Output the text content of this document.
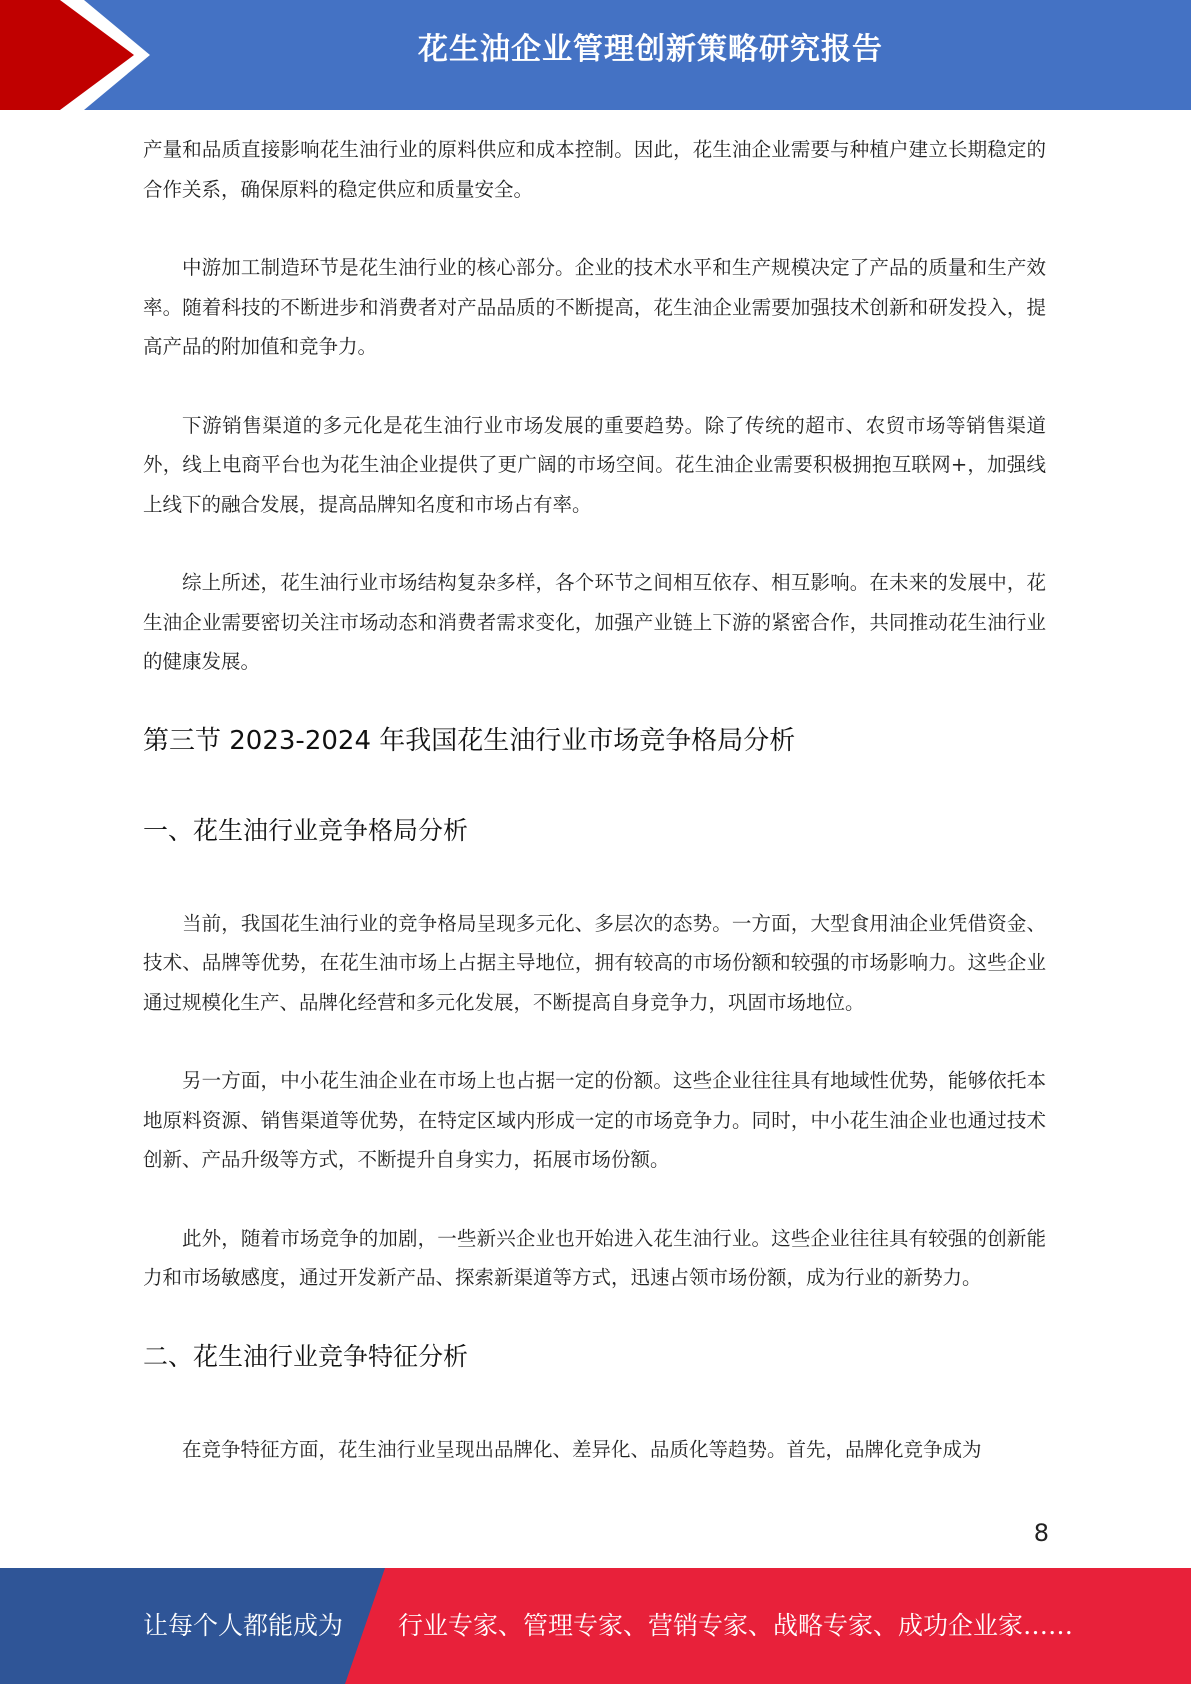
花生油企业管理创新策略研究报告

产量和品质直接影响花生油行业的原料供应和成本控制。因此，花生油企业需要与种植户建立长期稳定的合作关系，确保原料的稳定供应和质量安全。

中游加工制造环节是花生油行业的核心部分。企业的技术水平和生产规模决定了产品的质量和生产效率。随着科技的不断进步和消费者对产品品质的不断提高，花生油企业需要加强技术创新和研发投入，提高产品的附加值和竞争力。

下游销售渠道的多元化是花生油行业市场发展的重要趋势。除了传统的超市、农贸市场等销售渠道外，线上电商平台也为花生油企业提供了更广阔的市场空间。花生油企业需要积极拥抱互联网+，加强线上线下的融合发展，提高品牌知名度和市场占有率。

综上所述，花生油行业市场结构复杂多样，各个环节之间相互依存、相互影响。在未来的发展中，花生油企业需要密切关注市场动态和消费者需求变化，加强产业链上下游的紧密合作，共同推动花生油行业的健康发展。

第三节 2023-2024 年我国花生油行业市场竞争格局分析
一、花生油行业竞争格局分析

当前，我国花生油行业的竞争格局呈现多元化、多层次的态势。一方面，大型食用油企业凭借资金、技术、品牌等优势，在花生油市场上占据主导地位，拥有较高的市场份额和较强的市场影响力。这些企业通过规模化生产、品牌化经营和多元化发展，不断提高自身竞争力，巩固市场地位。

另一方面，中小花生油企业在市场上也占据一定的份额。这些企业往往具有地域性优势，能够依托本地原料资源、销售渠道等优势，在特定区域内形成一定的市场竞争力。同时，中小花生油企业也通过技术创新、产品升级等方式，不断提升自身实力，拓展市场份额。

此外，随着市场竞争的加剧，一些新兴企业也开始进入花生油行业。这些企业往往具有较强的创新能力和市场敏感度，通过开发新产品、探索新渠道等方式，迅速占领市场份额，成为行业的新势力。

二、花生油行业竞争特征分析

在竞争特征方面，花生油行业呈现出品牌化、差异化、品质化等趋势。首先，品牌化竞争成为

8
让每个人都能成为 行业专家、管理专家、营销专家、战略专家、成功企业家……
